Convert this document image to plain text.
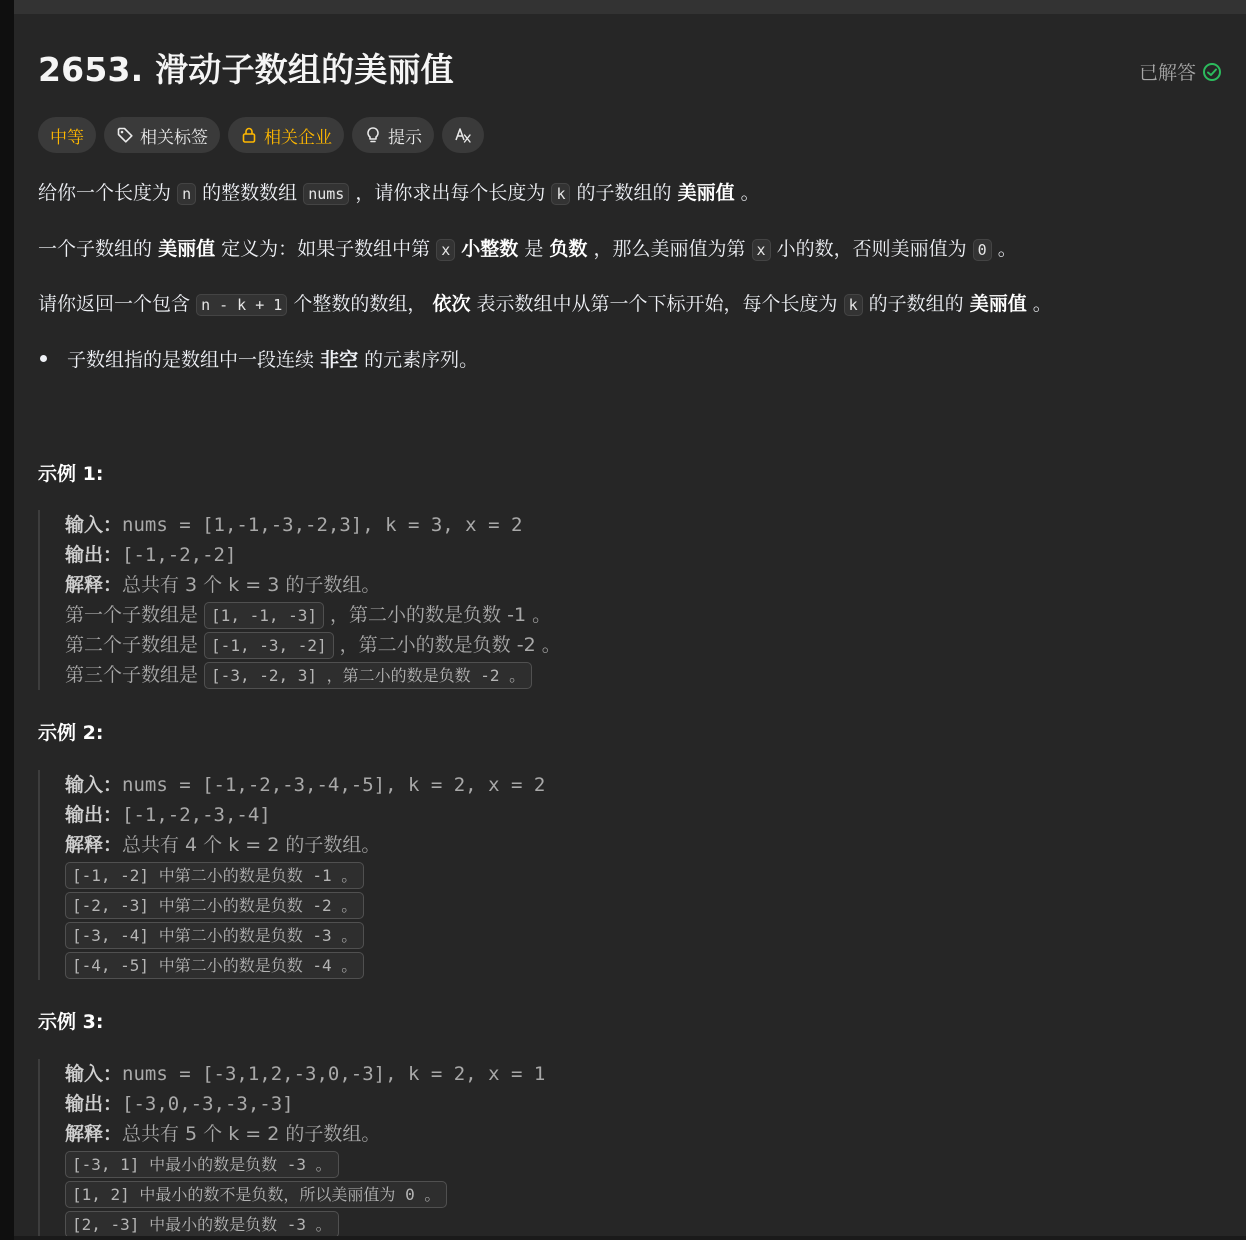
2653. 滑动子数组的美丽值	已解答
中等	相关标签	相关企业	提示
给你一个长度为 n 的整数数组 nums ，请你求出每个长度为 k 的子数组的 美丽值 。
一个子数组的 美丽值 定义为：如果子数组中第 x 小整数 是 负数 ，那么美丽值为第 x 小的数，否则美丽值为 0 。
请你返回一个包含 n - k + 1 个整数的数组， 依次 表示数组中从第一个下标开始，每个长度为 k 的子数组的 美丽值 。
子数组指的是数组中一段连续 非空 的元素序列。
示例 1:
输入：nums = [1,-1,-3,-2,3], k = 3, x = 2
输出：[-1,-2,-2]
解释：总共有 3 个 k = 3 的子数组。
第一个子数组是 [1, -1, -3] ，第二小的数是负数 -1 。
第二个子数组是 [-1, -3, -2] ，第二小的数是负数 -2 。
第三个子数组是 [-3, -2, 3] ，第二小的数是负数 -2 。
示例 2:
输入：nums = [-1,-2,-3,-4,-5], k = 2, x = 2
输出：[-1,-2,-3,-4]
解释：总共有 4 个 k = 2 的子数组。
[-1, -2] 中第二小的数是负数 -1 。
[-2, -3] 中第二小的数是负数 -2 。
[-3, -4] 中第二小的数是负数 -3 。
[-4, -5] 中第二小的数是负数 -4 。
示例 3:
输入：nums = [-3,1,2,-3,0,-3], k = 2, x = 1
输出：[-3,0,-3,-3,-3]
解释：总共有 5 个 k = 2 的子数组。
[-3, 1] 中最小的数是负数 -3 。
[1, 2] 中最小的数不是负数，所以美丽值为 0 。
[2, -3] 中最小的数是负数 -3 。
